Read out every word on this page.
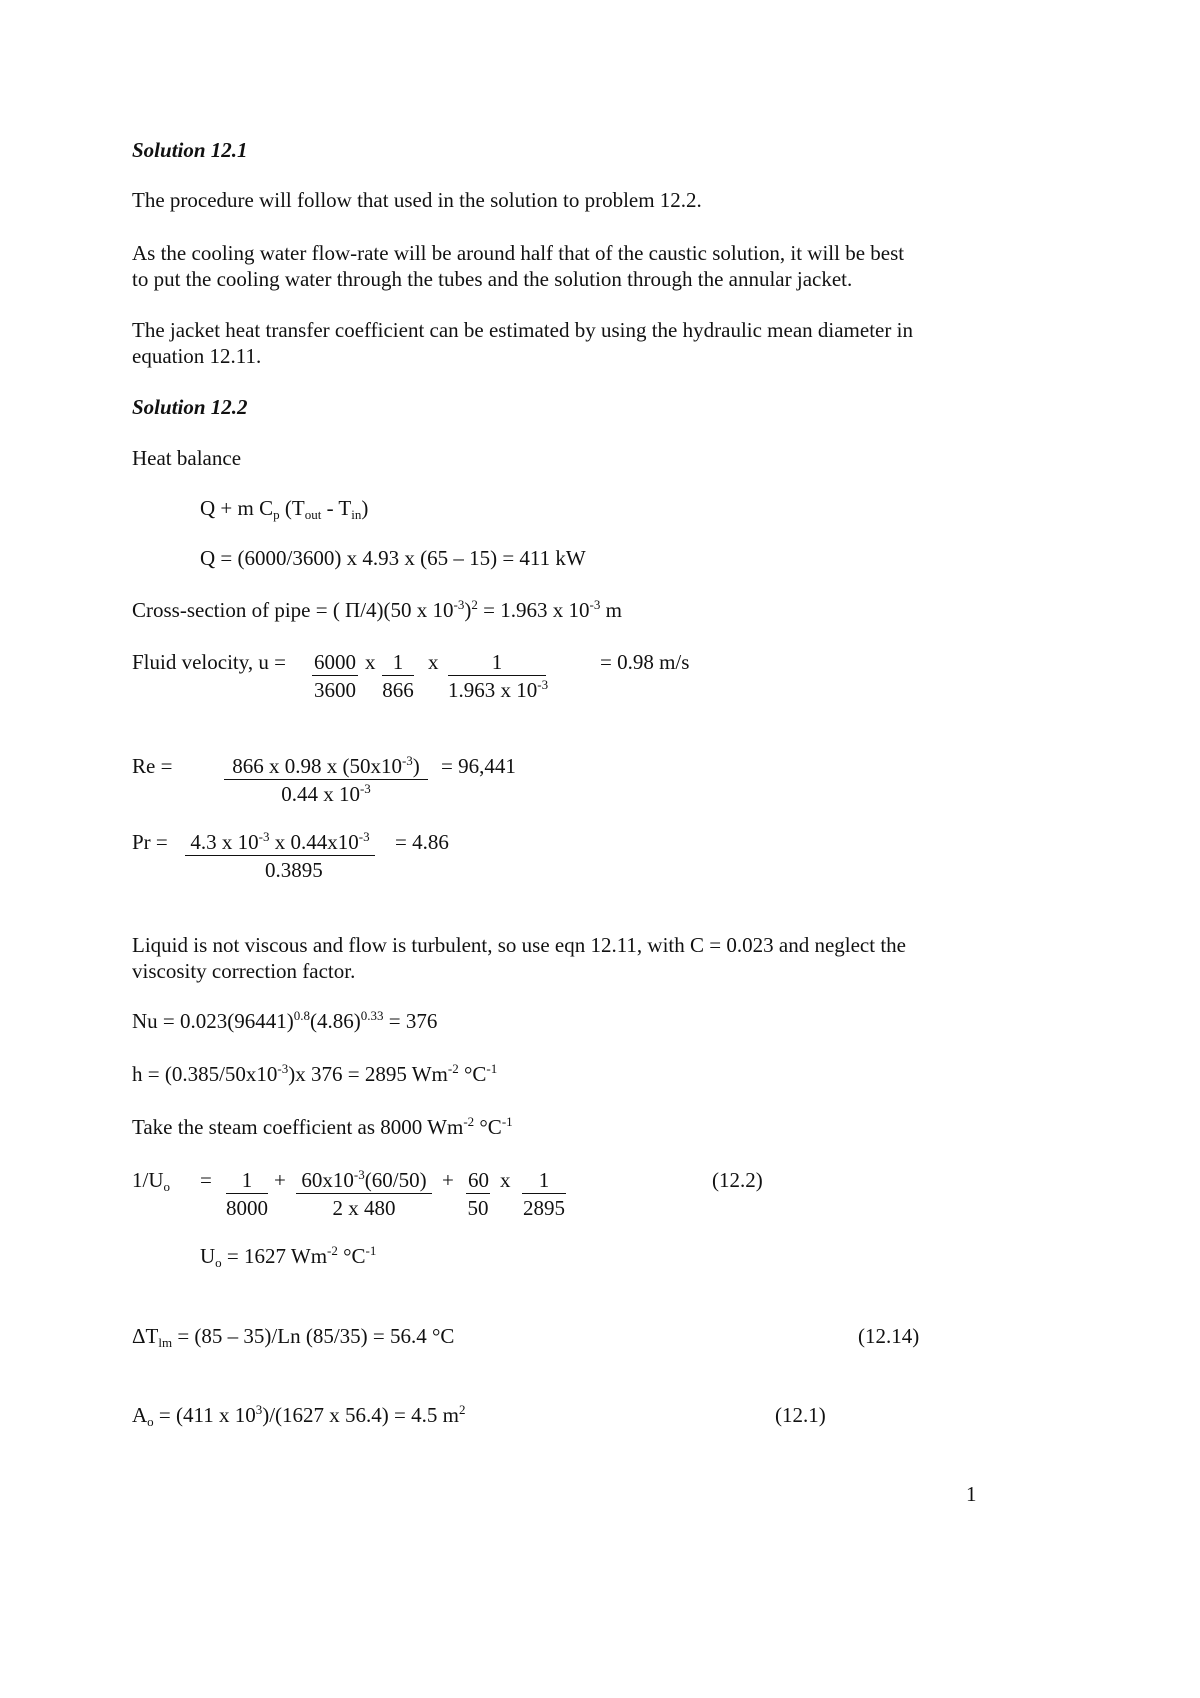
Solution 12.1
The procedure will follow that used in the solution to problem 12.2.
As the cooling water flow-rate will be around half that of the caustic solution, it will be best
to put the cooling water through the tubes and the solution through the annular jacket.
The jacket heat transfer coefficient can be estimated by using the hydraulic mean diameter in
equation 12.11.
Solution 12.2
Heat balance
Q + m $C_p$ $(T_{out} - T_{in})$
Q = (6000/3600) x 4.93 x (65 – 15) = 411 kW
Cross-section of pipe = ( Π/4)(50 x $10^{-3})^2 = 1.963$ x $10^{-3}$ m
Fluid velocity, $u = \frac{6000}{3600}$ x $\frac{1}{866}$ x $\frac{1}{1.963 x 10^{-3}}$	= 0.98 m/s
$Re = \frac{866 x 0.98 x (50x10^{-3})}{0.44 x 10^{-3}} = 96,441$
$Pr = \frac{4.3 x 10^{-3} x 0.44x10^{-3}}{0.3895} = 4.86$
Liquid is not viscous and flow is turbulent, so use eqn 12.11, with C = 0.023 and neglect the
viscosity correction factor.
$Nu = 0.023(96441)^{0.8}(4.86)^{0.33} = 376$
$h = (0.385/50x10^{-3})x$ 376 = 2895 $Wm^{-2}$ $^\circ C^{-1}$
Take the steam coefficient as 8000 $Wm^{-2}$ $^\circ C^{-1}$
$1/U_o = \frac{1}{8000} + \frac{60x10^{-3}(60/50)}{2 x 480} + \frac{60}{50}$ x $\frac{1}{2895}$	(12.2)
$U_o = 1627$ $Wm^{-2}$ $^\circ C^{-1}$
$\Delta T_{lm} = (85 - 35)/Ln$ (85/35) = 56.4 °C	(12.14)
$A_o = (411$ x $10^3)/(1627$ x 56.4) = 4.5 $m^2$	(12.1)
1
